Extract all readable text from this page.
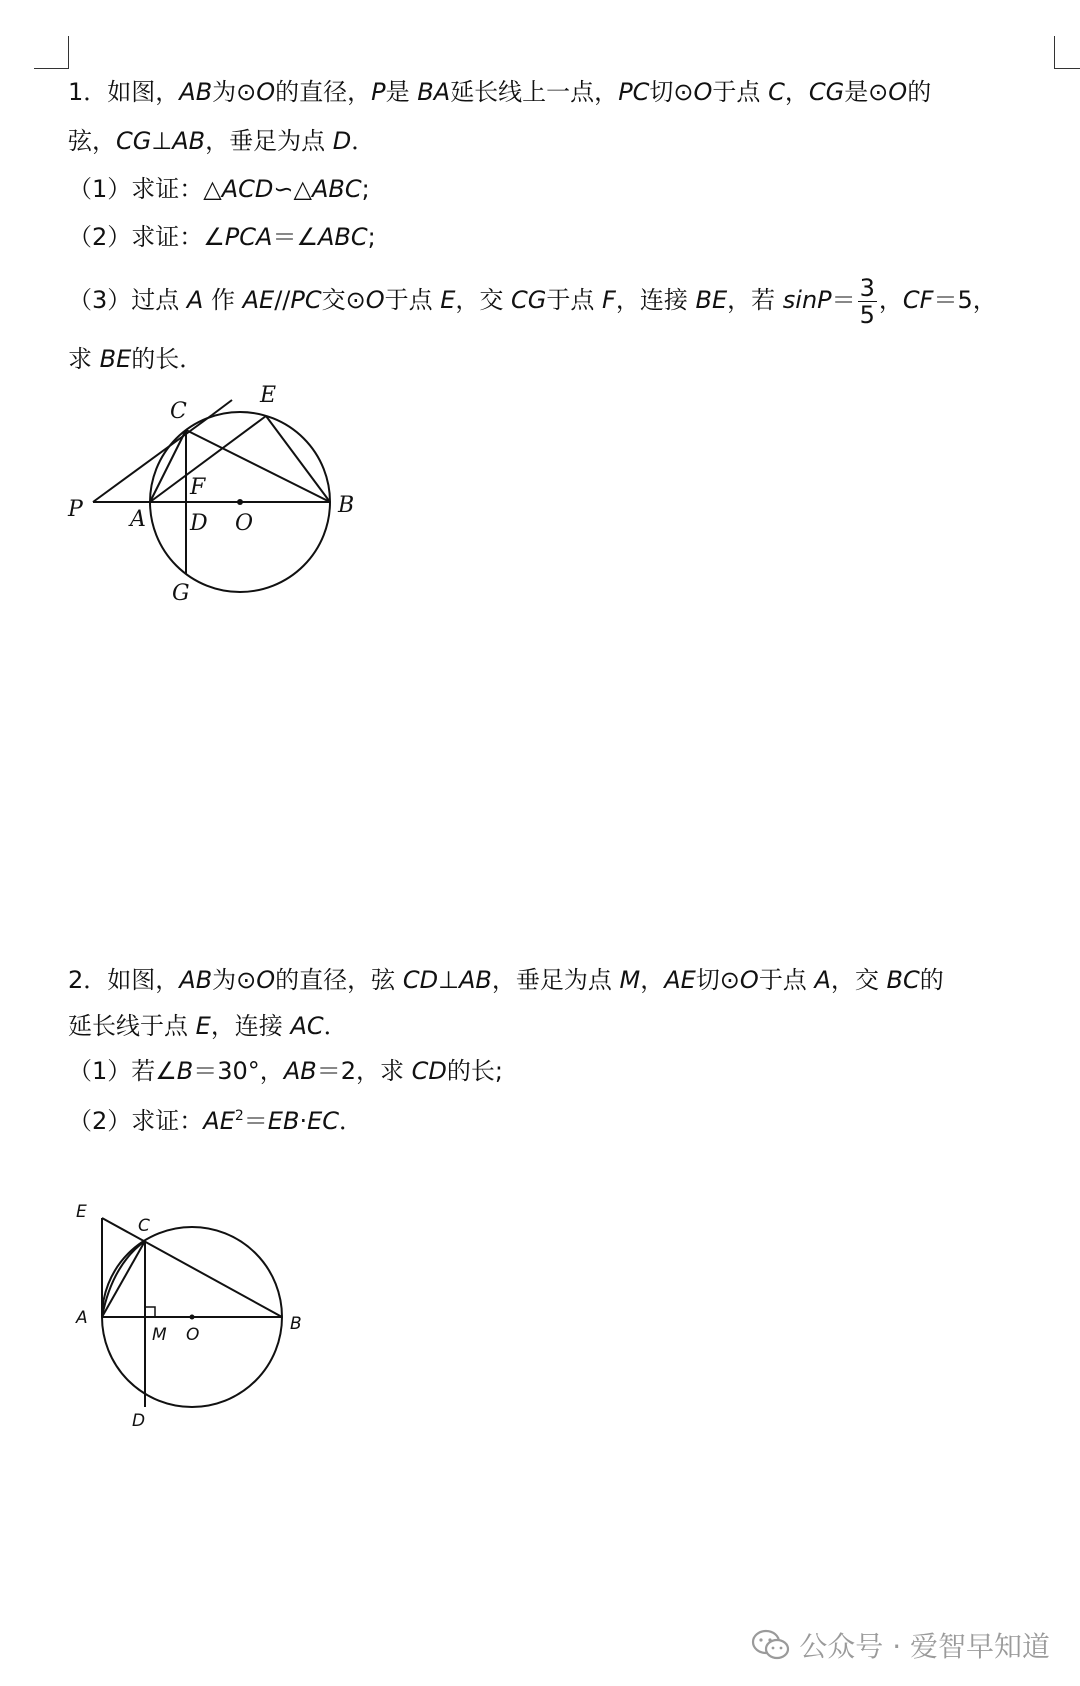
1．如图，AB为⊙O的直径，P是 BA延长线上一点，PC切⊙O于点 C，CG是⊙O的
弦，CG⊥AB，垂足为点 D．
（1）求证：△ACD∽△ABC;
（2）求证：∠PCA＝∠ABC;
（3）过点 A 作 AE//PC交⊙O于点 E，交 CG于点 F，连接 BE，若 $\sin P= \frac{3}{5}$ ，CF＝5，
求 BE的长．
P A D O
B
C
E
F
G
2．如图，AB为⊙O的直径，弦 CD⊥AB，垂足为点 M，AE切⊙O于点 A，交 BC的
延长线于点 E，连接 AC．
（1）若∠B＝30°，AB＝2，求 CD的长;
（2）求证：$AE^2=EB\cdot EC$．
E
C
A
M O
B
D
公众号 · 爱智早知道
